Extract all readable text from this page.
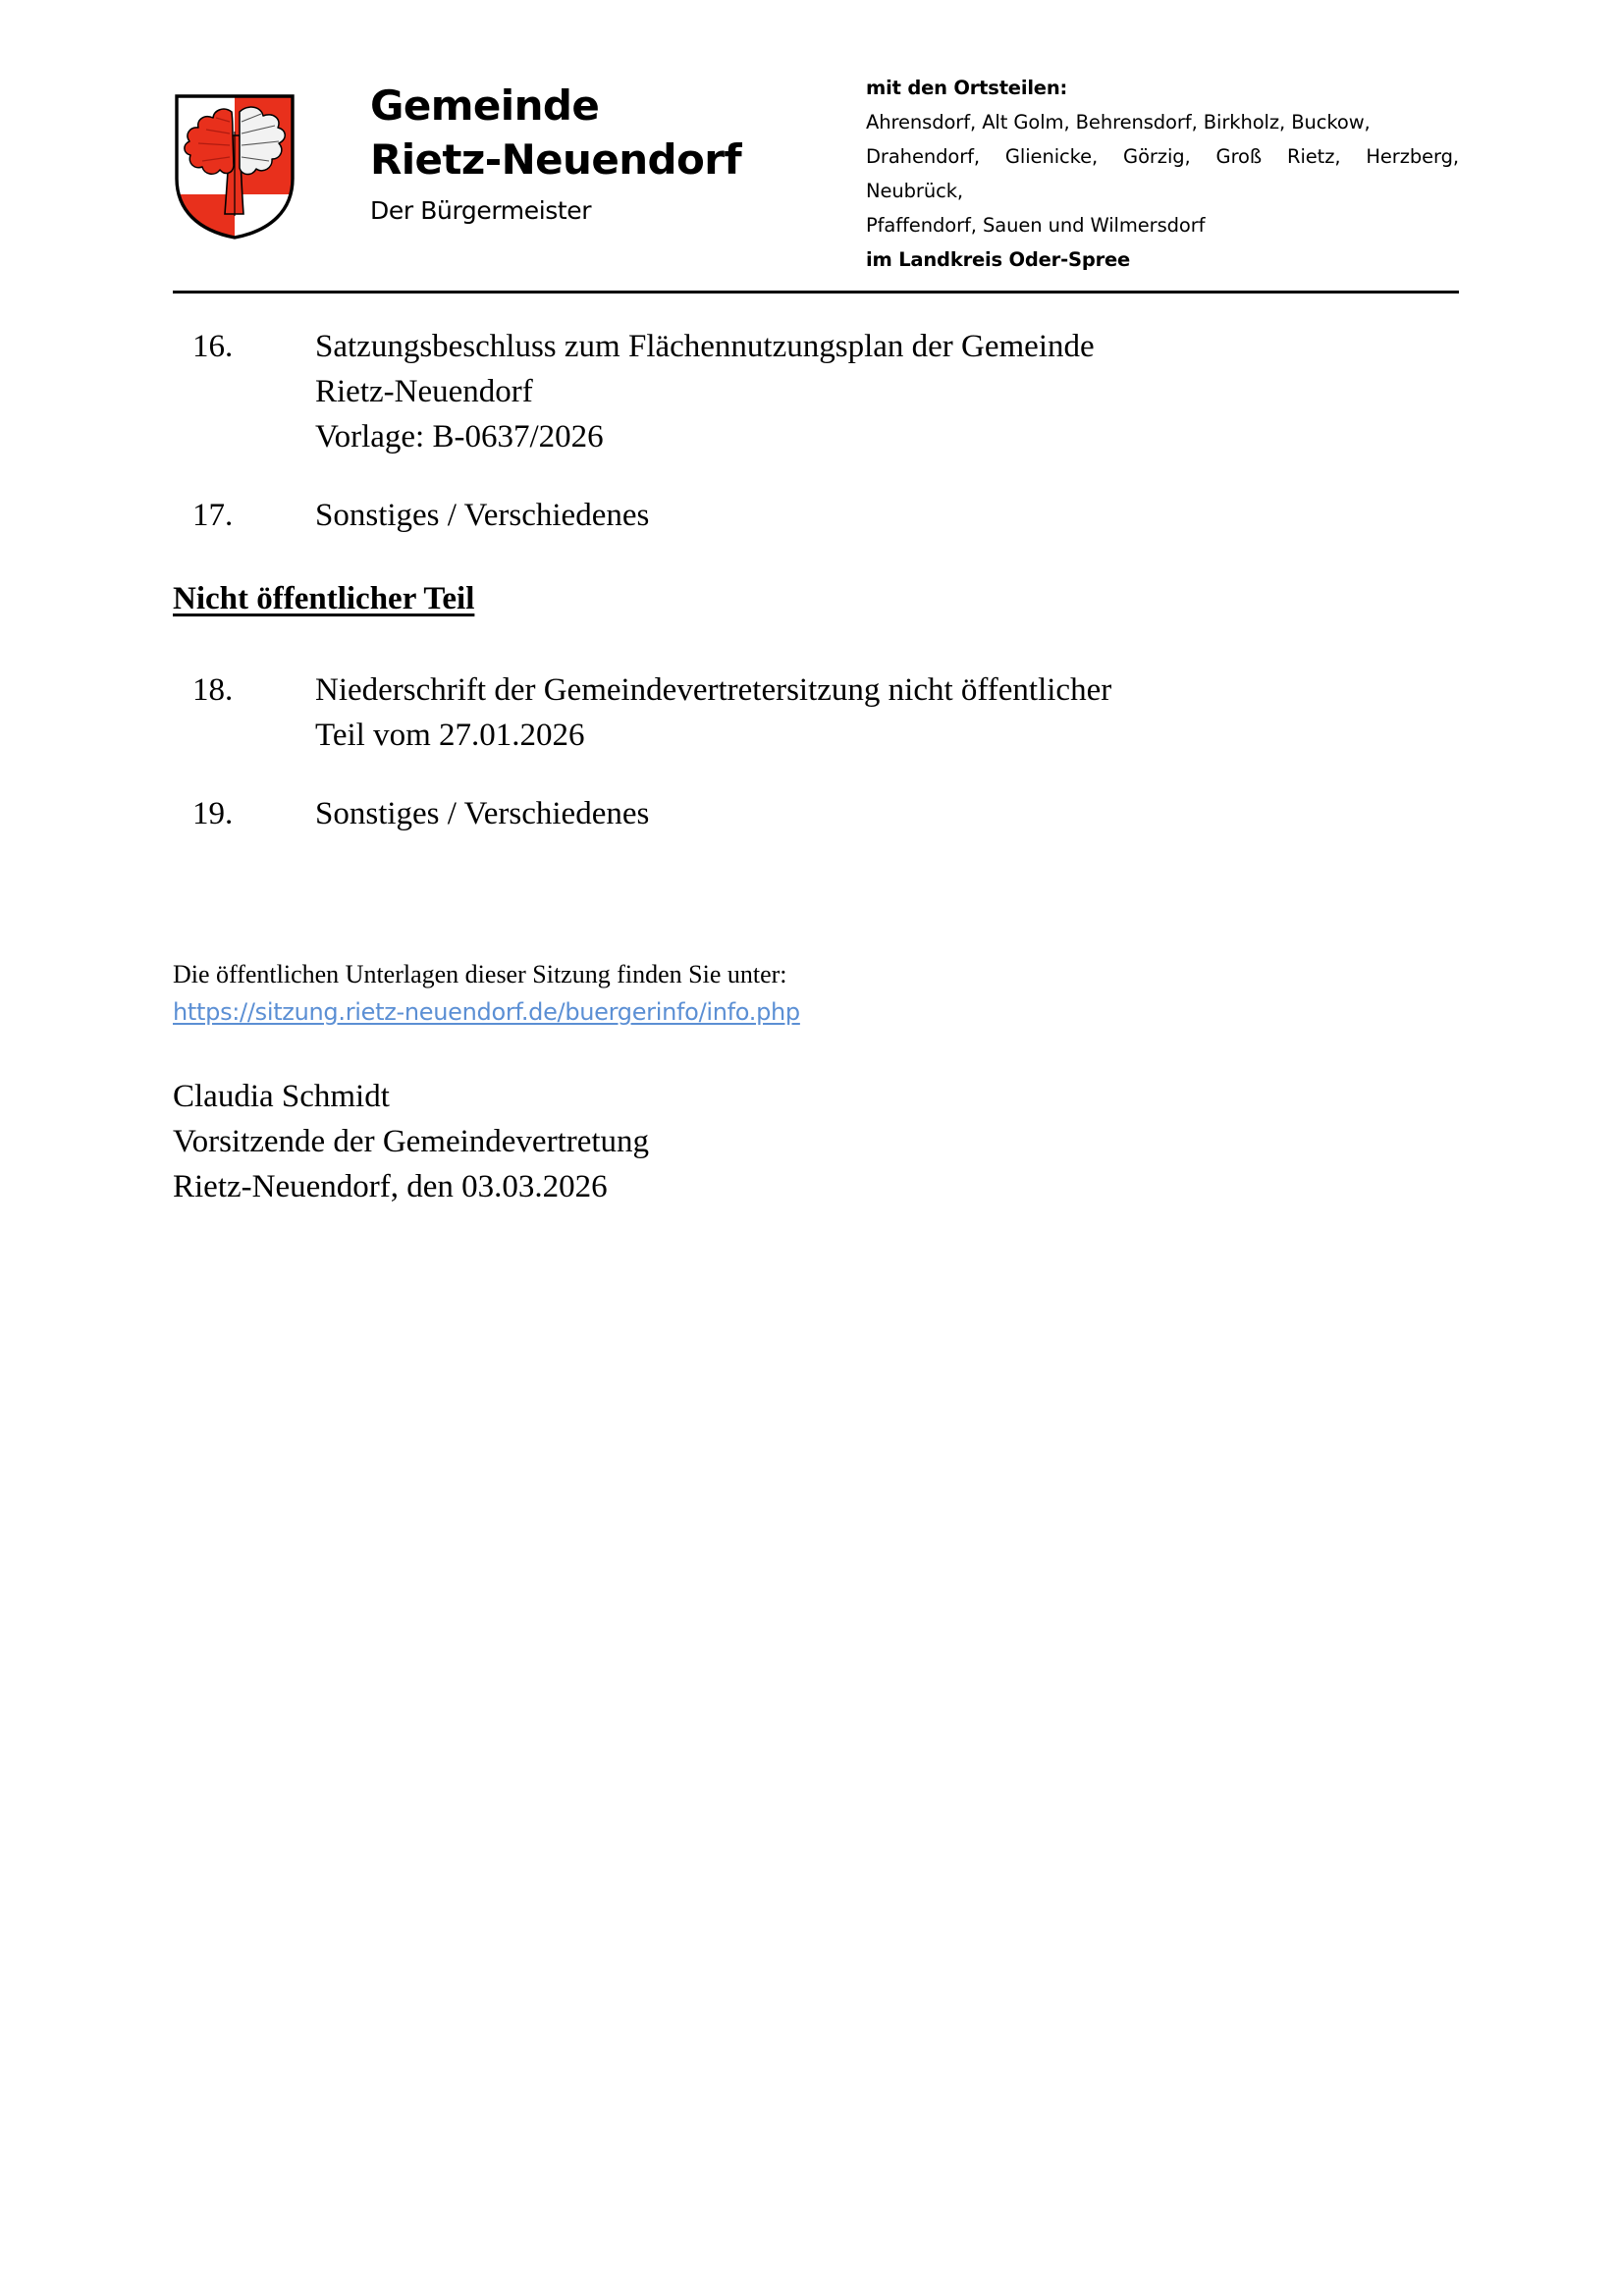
Gemeinde
Rietz-Neuendorf
Der Bürgermeister
mit den Ortsteilen:
Ahrensdorf, Alt Golm, Behrensdorf, Birkholz, Buckow,
Drahendorf, Glienicke, Görzig, Groß Rietz, Herzberg, Neubrück,
Pfaffendorf, Sauen und Wilmersdorf
im Landkreis Oder-Spree
16.	Satzungsbeschluss zum Flächennutzungsplan der Gemeinde
Rietz-Neuendorf
Vorlage: B-0637/2026
17.	Sonstiges / Verschiedenes
Nicht öffentlicher Teil
18.	Niederschrift der Gemeindevertretersitzung nicht öffentlicher
Teil vom 27.01.2026
19.	Sonstiges / Verschiedenes
Die öffentlichen Unterlagen dieser Sitzung finden Sie unter:
https://sitzung.rietz-neuendorf.de/buergerinfo/info.php
Claudia Schmidt
Vorsitzende der Gemeindevertretung
Rietz-Neuendorf, den 03.03.2026
